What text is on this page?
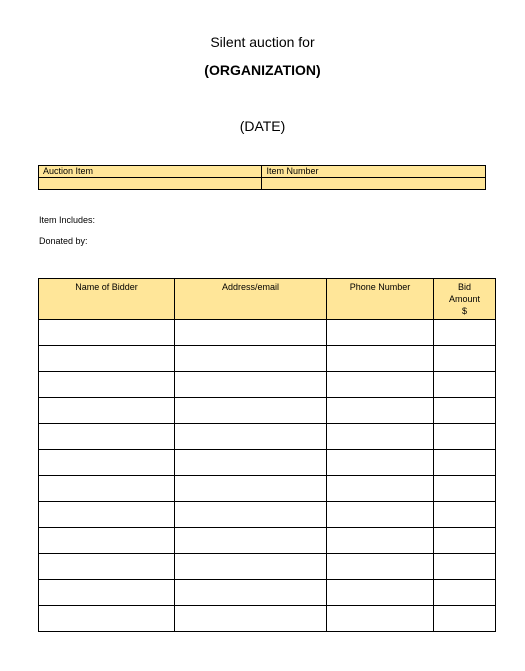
Silent auction for
(ORGANIZATION)
(DATE)
Auction Item	Item Number

Item Includes:
Donated by:
Name of Bidder	Address/email	Phone Number	Bid
Amount
$
